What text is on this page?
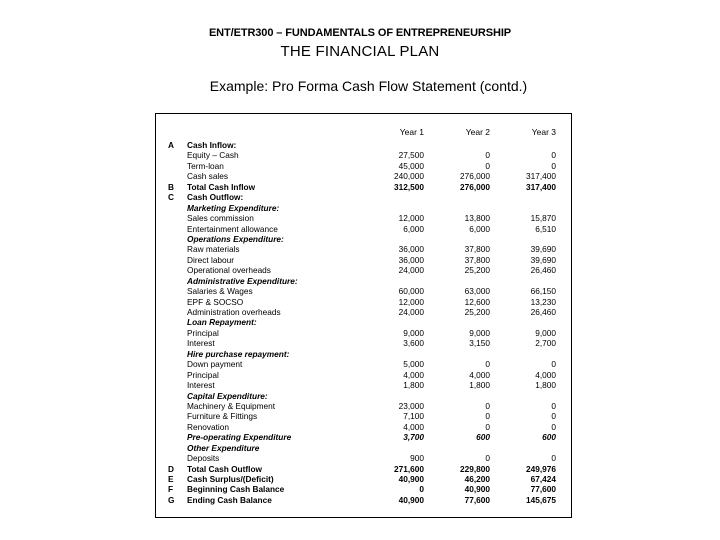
ENT/ETR300 – FUNDAMENTALS OF ENTREPRENEURSHIP
THE FINANCIAL PLAN
Example: Pro Forma Cash Flow Statement (contd.)
Year 1	Year 2	Year 3
A	Cash Inflow:
Equity – Cash	27,500	0	0
Term-loan	45,000	0	0
Cash sales	240,000	276,000	317,400
B	Total Cash Inflow	312,500	276,000	317,400
C	Cash Outflow:
Marketing Expenditure:
Sales commission	12,000	13,800	15,870
Entertainment allowance	6,000	6,000	6,510
Operations Expenditure:
Raw materials	36,000	37,800	39,690
Direct labour	36,000	37,800	39,690
Operational overheads	24,000	25,200	26,460
Administrative Expenditure:
Salaries & Wages	60,000	63,000	66,150
EPF & SOCSO	12,000	12,600	13,230
Administration overheads	24,000	25,200	26,460
Loan Repayment:
Principal	9,000	9,000	9,000
Interest	3,600	3,150	2,700
Hire purchase repayment:
Down payment	5,000	0	0
Principal	4,000	4,000	4,000
Interest	1,800	1,800	1,800
Capital Expenditure:
Machinery & Equipment	23,000	0	0
Furniture & Fittings	7,100	0	0
Renovation	4,000	0	0
Pre-operating Expenditure	3,700	600	600
Other Expenditure
Deposits	900	0	0
D	Total Cash Outflow	271,600	229,800	249,976
E	Cash Surplus/(Deficit)	40,900	46,200	67,424
F	Beginning Cash Balance	0	40,900	77,600
G	Ending Cash Balance	40,900	77,600	145,675
